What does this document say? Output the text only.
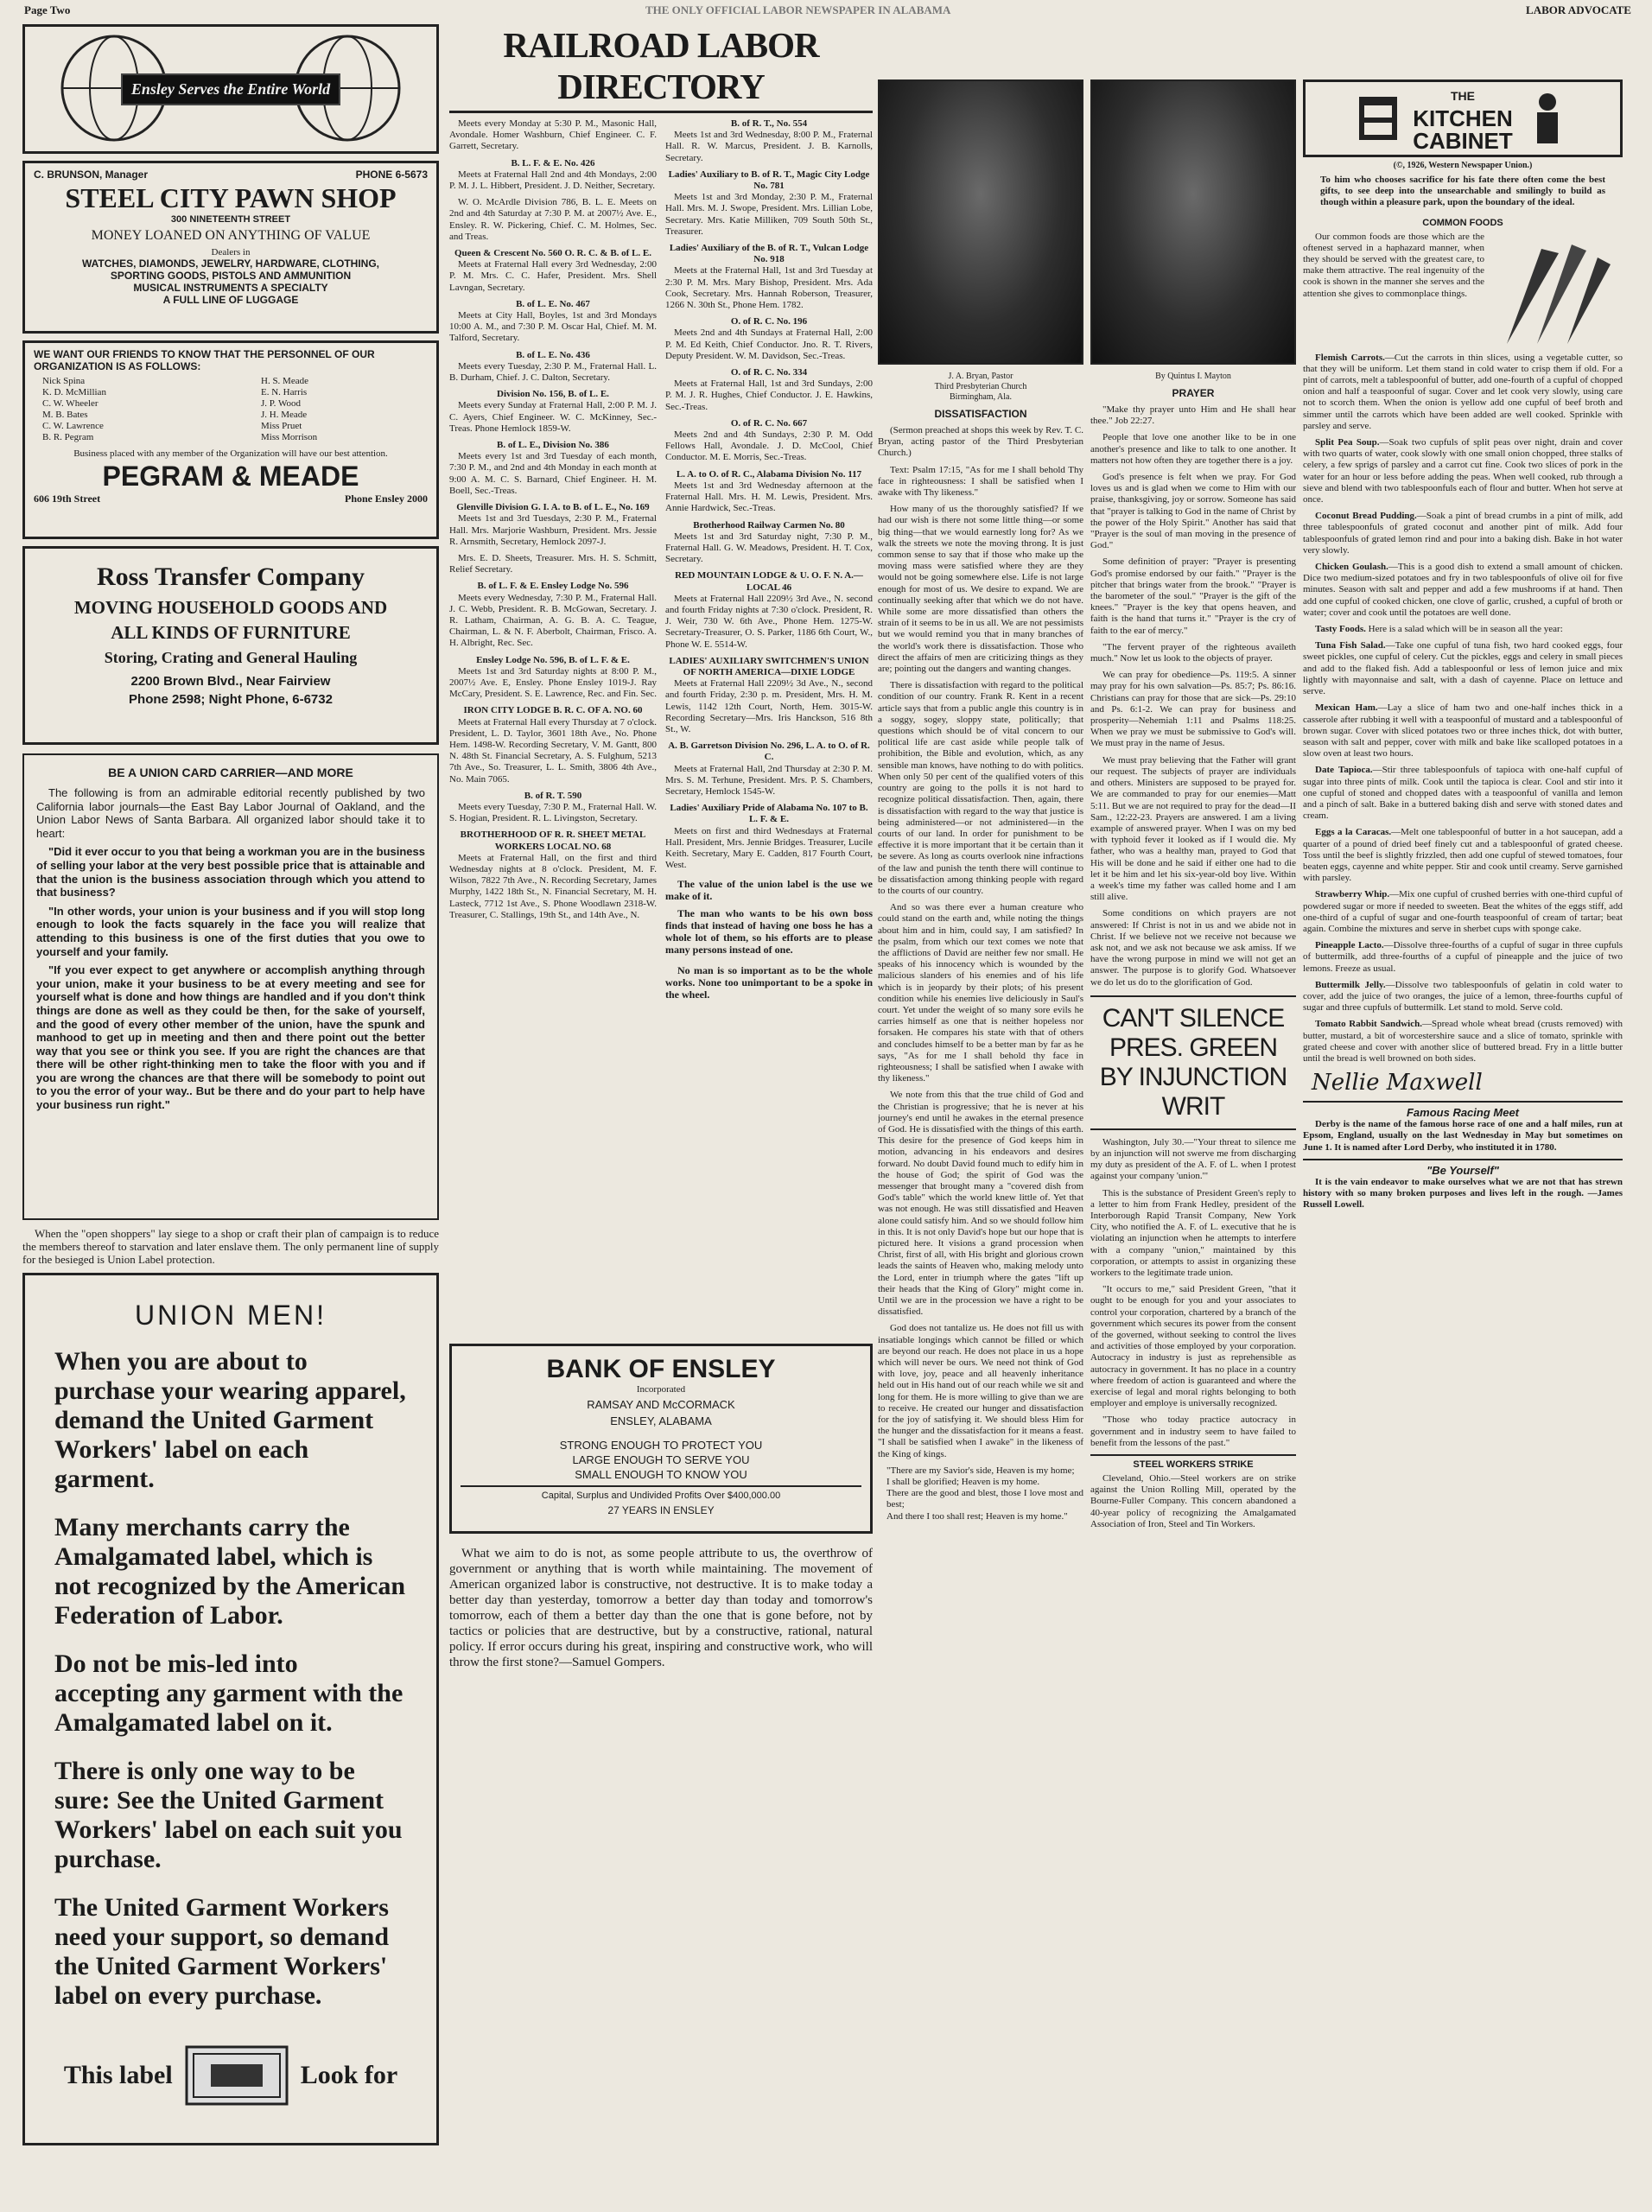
Page Two	THE ONLY OFFICIAL LABOR NEWSPAPER IN ALABAMA	LABOR ADVOCATE
Ensley Serves the Entire World
C. BRUNSON, Manager	PHONE 6-5673
STEEL CITY PAWN SHOP
300 NINETEENTH STREET
MONEY LOANED ON ANYTHING OF VALUE
Dealers in
WATCHES, DIAMONDS, JEWELRY, HARDWARE, CLOTHING,
SPORTING GOODS, PISTOLS AND AMMUNITION
MUSICAL INSTRUMENTS A SPECIALTY
A FULL LINE OF LUGGAGE
WE WANT OUR FRIENDS TO KNOW THAT THE PERSONNEL OF OUR ORGANIZATION IS AS FOLLOWS:
Nick Spina
K. D. McMillian
C. W. Wheeler
M. B. Bates
C. W. Lawrence
B. R. Pegram
H. S. Meade
E. N. Harris
J. P. Wood
J. H. Meade
Miss Pruet
Miss Morrison
Business placed with any member of the Organization will have our best attention.
PEGRAM & MEADE
606 19th Street	Phone Ensley 2000
Ross Transfer Company
MOVING HOUSEHOLD GOODS AND
ALL KINDS OF FURNITURE
Storing, Crating and General Hauling
2200 Brown Blvd., Near Fairview
Phone 2598; Night Phone, 6-6732
BE A UNION CARD CARRIER—AND MORE

The following is from an admirable editorial recently published by two California labor journals—the East Bay Labor Journal of Oakland, and the Union Labor News of Santa Barbara. All organized labor should take it to heart:

"Did it ever occur to you that being a workman you are in the business of selling your labor at the very best possible price that is attainable and that the union is the business association through which you attend to that business?

"In other words, your union is your business and if you will stop long enough to look the facts squarely in the face you will realize that attending to this business is one of the first duties that you owe to yourself and your family.

"If you ever expect to get anywhere or accomplish anything through your union, make it your business to be at every meeting and see for yourself what is done and how things are handled and if you don't think things are done as well as they could be then, for the sake of yourself, and the good of every other member of the union, have the spunk and manhood to get up in meeting and then and there point out the better way that you see or think you see. If you are right the chances are that there will be other right-thinking men to take the floor with you and if you are wrong the chances are that there will be somebody to point out to you the error of your way.. But be there and do your part to help have your business run right."

When the "open shoppers" lay siege to a shop or craft their plan of campaign is to reduce the members thereof to starvation and later enslave them. The only permanent line of supply for the besieged is Union Label protection.

UNION MEN!

When you are about to purchase your wearing apparel, demand the United Garment Workers' label on each garment.

Many merchants carry the Amalgamated label, which is not recognized by the American Federation of Labor.

Do not be mis-led into accepting any garment with the Amalgamated label on it.

There is only one way to be sure: See the United Garment Workers' label on each suit you purchase.

The United Garment Workers need your support, so demand the United Garment Workers' label on every purchase.

This label	Look for
RAILROAD LABOR DIRECTORY
Meets every Monday at 5:30 P. M., Masonic Hall, Avondale. Homer Washburn, Chief Engineer. C. F. Garrett, Secretary.
B. L. F. & E. No. 426
Meets at Fraternal Hall 2nd and 4th Mondays, 2:00 P. M. J. L. Hibbert, President. J. D. Neither, Secretary.
W. O. McArdle Division 786, B. L. E. Meets on 2nd and 4th Saturday at 7:30 P. M. at 2007½ Ave. E., Ensley. R. W. Pickering, Chief. C. M. Holmes, Sec. and Treas.
Queen & Crescent No. 560 O. R. C. & B. of L. E.
Meets at Fraternal Hall every 3rd Wednesday, 2:00 P. M. Mrs. C. C. Hafer, President. Mrs. Shell Lavngan, Secretary.
B. of L. E. No. 467
Meets at City Hall, Boyles, 1st and 3rd Mondays 10:00 A. M., and 7:30 P. M. Oscar Hal, Chief. M. M. Talford, Secretary.
B. of L. E. No. 436
Meets every Tuesday, 2:30 P. M., Fraternal Hall. L. B. Durham, Chief. J. C. Dalton, Secretary.
Division No. 156, B. of L. E.
Meets every Sunday at Fraternal Hall, 2:00 P. M. J. C. Ayers, Chief Engineer. W. C. McKinney, Sec.-Treas. Phone Hemlock 1859-W.
B. of L. E., Division No. 386
Meets every 1st and 3rd Tuesday of each month, 7:30 P. M., and 2nd and 4th Monday in each month at 9:00 A. M. C. S. Barnard, Chief Engineer. H. M. Boell, Sec.-Treas.
Glenville Division G. I. A. to B. of L. E., No. 169
Meets 1st and 3rd Tuesdays, 2:30 P. M., Fraternal Hall. Mrs. Marjorie Washburn, President. Mrs. Jessie R. Arnsmith, Secretary, Hemlock 2097-J.
Mrs. E. D. Sheets, Treasurer. Mrs. H. S. Schmitt, Relief Secretary.
B. of L. F. & E. Ensley Lodge No. 596
Meets every Wednesday, 7:30 P. M., Fraternal Hall. J. C. Webb, President. R. B. McGowan, Secretary. J. R. Latham, Chairman, A. G. B. A. C. Teague, Chairman, L. & N. F. Aberbolt, Chairman, Frisco. A. H. Albright, Rec. Sec.
Ensley Lodge No. 596, B. of L. F. & E.
Meets 1st and 3rd Saturday nights at 8:00 P. M., 2007½ Ave. E, Ensley. Phone Ensley 1019-J. Ray McCary, President. S. E. Lawrence, Rec. and Fin. Sec.
IRON CITY LODGE B. R. C. OF A. NO. 60
Meets at Fraternal Hall every Thursday at 7 o'clock. President, L. D. Taylor, 3601 18th Ave., No. Phone Hem. 1498-W. Recording Secretary, V. M. Gantt, 800 N. 48th St. Financial Secretary, A. S. Fulghum, 5213 7th Ave., So. Treasurer, L. L. Smith, 3806 4th Ave., No. Main 7065.
B. of R. T. 590
Meets every Tuesday, 7:30 P. M., Fraternal Hall. W. S. Hogian, President. R. L. Livingston, Secretary.
BROTHERHOOD OF R. R. SHEET METAL WORKERS LOCAL NO. 68
Meets at Fraternal Hall, on the first and third Wednesday nights at 8 o'clock. President, M. F. Wilson, 7822 7th Ave., N. Recording Secretary, James Murphy, 1422 18th St., N. Financial Secretary, M. H. Lasteck, 7712 1st Ave., S. Phone Woodlawn 2318-W. Treasurer, C. Stallings, 19th St., and 14th Ave., N.
B. of R. T., No. 554
Meets 1st and 3rd Wednesday, 8:00 P. M., Fraternal Hall. R. W. Marcus, President. J. B. Karnolls, Secretary.
Ladies' Auxiliary to B. of R. T., Magic City Lodge No. 781
Meets 1st and 3rd Monday, 2:30 P. M., Fraternal Hall. Mrs. M. J. Swope, President. Mrs. Lillian Lobe, Secretary. Mrs. Katie Milliken, 709 South 50th St., Treasurer.
Ladies' Auxiliary of the B. of R. T., Vulcan Lodge No. 918
Meets at the Fraternal Hall, 1st and 3rd Tuesday at 2:30 P. M. Mrs. Mary Bishop, President. Mrs. Ada Cook, Secretary. Mrs. Hannah Roberson, Treasurer, 1266 N. 30th St., Phone Hem. 1782.
O. of R. C. No. 196
Meets 2nd and 4th Sundays at Fraternal Hall, 2:00 P. M. Ed Keith, Chief Conductor. Jno. R. T. Rivers, Deputy President. W. M. Davidson, Sec.-Treas.
O. of R. C. No. 334
Meets at Fraternal Hall, 1st and 3rd Sundays, 2:00 P. M. J. R. Hughes, Chief Conductor. J. E. Hawkins, Sec.-Treas.
O. of R. C. No. 667
Meets 2nd and 4th Sundays, 2:30 P. M. Odd Fellows Hall, Avondale. J. D. McCool, Chief Conductor. M. E. Morris, Sec.-Treas.
L. A. to O. of R. C., Alabama Division No. 117
Meets 1st and 3rd Wednesday afternoon at the Fraternal Hall. Mrs. H. M. Lewis, President. Mrs. Annie Hardwick, Sec.-Treas.
Brotherhood Railway Carmen No. 80
Meets 1st and 3rd Saturday night, 7:30 P. M., Fraternal Hall. G. W. Meadows, President. H. T. Cox, Secretary.
RED MOUNTAIN LODGE & U. O. F. N. A.—LOCAL 46
Meets at Fraternal Hall 2209½ 3rd Ave., N. second and fourth Friday nights at 7:30 o'clock. President, R. J. Weir, 730 W. 6th Ave., Phone Hem. 1275-W. Secretary-Treasurer, O. S. Parker, 1186 6th Court, W., Phone W. E. 5514-W.
LADIES' AUXILIARY SWITCHMEN'S UNION OF NORTH AMERICA—DIXIE LODGE
Meets at Fraternal Hall 2209½ 3d Ave., N., second and fourth Friday, 2:30 p. m. President, Mrs. H. M. Lewis, 1142 12th Court, North, Hem. 3015-W. Recording Secretary—Mrs. Iris Hanckson, 516 8th St., W.
A. B. Garretson Division No. 296, L. A. to O. of R. C.
Meets at Fraternal Hall, 2nd Thursday at 2:30 P. M. Mrs. S. M. Terhune, President. Mrs. P. S. Chambers, Secretary, Hemlock 1545-W.
Ladies' Auxiliary Pride of Alabama No. 107 to B. L. F. & E.
Meets on first and third Wednesdays at Fraternal Hall. President, Mrs. Jennie Bridges. Treasurer, Lucile Keith. Secretary, Mary E. Cadden, 817 Fourth Court, West.

The value of the union label is the use we make of it.

The man who wants to be his own boss finds that instead of having one boss he has a whole lot of them, so his efforts are to please many persons instead of one.

No man is so important as to be the whole works. None too unimportant to be a spoke in the wheel.

BANK OF ENSLEY
Incorporated
RAMSAY AND McCORMACK
ENSLEY, ALABAMA
STRONG ENOUGH TO PROTECT YOU
LARGE ENOUGH TO SERVE YOU
SMALL ENOUGH TO KNOW YOU
Capital, Surplus and Undivided Profits Over $400,000.00
27 YEARS IN ENSLEY

What we aim to do is not, as some people attribute to us, the overthrow of government or anything that is worth while maintaining. The movement of American organized labor is constructive, not destructive. It is to make today a better day than yesterday, tomorrow a better day than today and tomorrow's tomorrow, each of them a better day than the one that is gone before, not by tactics or policies that are destructive, but by a constructive, rational, natural policy. If error occurs during his great, inspiring and constructive work, who will throw the first stone?—Samuel Gompers.

J. A. Bryan, Pastor
Third Presbyterian Church
Birmingham, Ala.
DISSATISFACTION

(Sermon preached at shops this week by Rev. T. C. Bryan, acting pastor of the Third Presbyterian Church.)

Text: Psalm 17:15, "As for me I shall behold Thy face in righteousness: I shall be satisfied when I awake with Thy likeness."

How many of us the thoroughly satisfied? If we had our wish is there not some little thing—or some big thing—that we would earnestly long for? As we walk the streets we note the moving throng. It is just common sense to say that if those who make up the moving mass were satisfied where they are they would not be going somewhere else. Life is not large enough for most of us. We desire to expand. We are continually seeking after that which we do not have. While some are more dissatisfied than others the strain of it seems to be in us all. We are not pessimists but we would remind you that in many branches of the world's work there is dissatisfaction. Those who direct the affairs of men are criticizing things as they are; pointing out the dangers and wanting changes.

There is dissatisfaction with regard to the political condition of our country. Frank R. Kent in a recent article says that from a public angle this country is in a soggy, sogey, sloppy state, politically; that questions which should be of vital concern to our political life are cast aside while people talk of prohibition, the Bible and evolution, which, as any sensible man knows, have nothing to do with politics. When only 50 per cent of the qualified voters of this country are going to the polls it is not hard to recognize political dissatisfaction. Then, again, there is dissatisfaction with regard to the way that justice is being administered—or not administered—in the courts of our land. In order for punishment to be effective it is more important that it be certain than it be severe. As long as courts overlook nine infractions of the law and punish the tenth there will continue to be dissatisfaction among thinking people with regard to the courts of our country.

And so was there ever a human creature who could stand on the earth and, while noting the things about him and in him, could say, I am satisfied? In the psalm, from which our text comes we note that the afflictions of David are neither few nor small. He speaks of his innocency which is wounded by the malicious slanders of his enemies and of his life which is in jeopardy by their plots; of his present condition while his enemies live deliciously in Saul's court. Yet under the weight of so many sore evils he carries himself as one that is neither hopeless nor forsaken. He compares his state with that of others and concludes himself to be a better man by far as he says, "As for me I shall behold thy face in righteousness; I shall be satisfied when I awake with thy likeness."

We note from this that the true child of God and the Christian is progressive; that he is never at his journey's end until he awakes in the eternal presence of God. He is dissatisfied with the things of this earth. This desire for the presence of God keeps him in motion, advancing in his endeavors and desires forward. No doubt David found much to edify him in the house of God; the spirit of God was the messenger that brought many a "covered dish from God's table" which the world knew little of. Yet that was not enough. He was still dissatisfied and Heaven alone could satisfy him. And so we should follow him in this. It is not only David's hope but our hope that is pictured here. It visions a grand procession when Christ, first of all, with His bright and glorious crown leads the saints of Heaven who, making melody unto the Lord, enter in triumph where the gates "lift up their heads that the King of Glory" might come in. Until we are in the procession we have a right to be dissatisfied.

God does not tantalize us. He does not fill us with insatiable longings which cannot be filled or which are beyond our reach. He does not place in us a hope which will never be ours. We need not think of God with love, joy, peace and all heavenly inheritance held out in His hand out of our reach while we sit and long for them. He is more willing to give than we are to receive. He created our hunger and dissatisfaction for the joy of satisfying it. We should bless Him for the hunger and the dissatisfaction for it means a feast. "I shall be satisfied when I awake" in the likeness of the King of kings.

"There are my Savior's side, Heaven is my home;
I shall be glorified; Heaven is my home.
There are the good and blest, those I love most and best;
And there I too shall rest; Heaven is my home."
By Quintus I. Mayton
PRAYER

"Make thy prayer unto Him and He shall hear thee." Job 22:27.

People that love one another like to be in one another's presence and like to talk to one another. It matters not how often they are together there is a joy.

God's presence is felt when we pray. For God loves us and is glad when we come to Him with our praise, thanksgiving, joy or sorrow. Someone has said that "prayer is talking to God in the name of Christ by the power of the Holy Spirit." Another has said that "Prayer is the soul of man moving in the presence of God."

Some definition of prayer: "Prayer is presenting God's promise endorsed by our faith." "Prayer is the pitcher that brings water from the brook." "Prayer is the barometer of the soul." "Prayer is the gift of the knees." "Prayer is the key that opens heaven, and faith is the hand that turns it." "Prayer is the cry of faith to the ear of mercy."

"The fervent prayer of the righteous availeth much." Now let us look to the objects of prayer.

We can pray for obedience—Ps. 119:5. A sinner may pray for his own salvation—Ps. 85:7; Ps. 86:16. Christians can pray for those that are sick—Ps. 29:10 and Ps. 6:1-2. We can pray for business and prosperity—Nehemiah 1:11 and Psalms 118:25. When we pray we must be submissive to God's will. We must pray in the name of Jesus.

We must pray believing that the Father will grant our request. The subjects of prayer are individuals and others. Ministers are supposed to be prayed for. We are commanded to pray for our enemies—Matt 5:11. But we are not required to pray for the dead—II Sam., 12:22-23. Prayers are answered. I am a living example of answered prayer. When I was on my bed with typhoid fever it looked as if I would die. My father, who was a healthy man, prayed to God that His will be done and he said if either one had to die let it be him and let his six-year-old boy live. Within a week's time my father was called home and I am still alive.

Some conditions on which prayers are not answered: If Christ is not in us and we abide not in Christ. If we believe not we receive not because we ask not, and we ask not because we ask amiss. If we have the wrong purpose in mind we will not get an answer. The purpose is to glorify God. Whatsoever we do let us do to the glorification of God.

CAN'T SILENCE PRES. GREEN BY INJUNCTION WRIT

Washington, July 30.—"Your threat to silence me by an injunction will not swerve me from discharging my duty as president of the A. F. of L. when I protest against your company 'union.'"

This is the substance of President Green's reply to a letter to him from Frank Hedley, president of the Interborough Rapid Transit Company, New York City, who notified the A. F. of L. executive that he is violating an injunction when he attempts to interfere with a company "union," maintained by this corporation, or attempts to assist in organizing these workers to the legitimate trade union.

"It occurs to me," said President Green, "that it ought to be enough for you and your associates to control your corporation, chartered by a branch of the government which secures its power from the consent of the governed, without seeking to control the lives and activities of those employed by your corporation. Autocracy in industry is just as reprehensible as autocracy in government. It has no place in a country where freedom of action is guaranteed and where the exercise of legal and moral rights belonging to both employer and employe is universally recognized.

"Those who today practice autocracy in government and in industry seem to have failed to benefit from the lessons of the past."

STEEL WORKERS STRIKE

Cleveland, Ohio.—Steel workers are on strike against the Union Rolling Mill, operated by the Bourne-Fuller Company. This concern abandoned a 40-year policy of recognizing the Amalgamated Association of Iron, Steel and Tin Workers.

THE
KITCHEN
CABINET
(©, 1926, Western Newspaper Union.)

To him who chooses sacrifice for his fate there often come the best gifts, to see deep into the unsearchable and smilingly to build as though within a pleasure park, upon the boundary of the ideal.

COMMON FOODS

Our common foods are those which are the oftenest served in a haphazard manner, when they should be served with the greatest care, to make them attractive. The real ingenuity of the cook is shown in the manner she serves and the attention she gives to commonplace things.

Flemish Carrots.—Cut the carrots in thin slices, using a vegetable cutter, so that they will be uniform. Let them stand in cold water to crisp them if old. For a pint of carrots, melt a tablespoonful of butter, add one-fourth of a cupful of chopped onion and half a teaspoonful of sugar. Cover and let cook very slowly, using care not to scorch them. When the onion is yellow add one cupful of beef broth and simmer until the carrots which have been added are well cooked. Sprinkle with parsley and serve.

Split Pea Soup.—Soak two cupfuls of split peas over night, drain and cover with two quarts of water, cook slowly with one small onion chopped, three stalks of celery, a few sprigs of parsley and a carrot cut fine. Cook two slices of pork in the water for an hour or less before adding the peas. When well cooked, rub through a sieve and blend with two tablespoonfuls each of flour and butter. When hot serve at once.

Coconut Bread Pudding.—Soak a pint of bread crumbs in a pint of milk, add three tablespoonfuls of grated coconut and another pint of milk. Add four tablespoonfuls of grated lemon rind and pour into a baking dish. Bake in hot water very slowly.

Chicken Goulash.—This is a good dish to extend a small amount of chicken. Dice two medium-sized potatoes and fry in two tablespoonfuls of olive oil for five minutes. Season with salt and pepper and add a few mushrooms if at hand. Then add one cupful of cooked chicken, one clove of garlic, crushed, a cupful of broth or water; cover and cook until the potatoes are well done.

Tasty Foods. Here is a salad which will be in season all the year:

Tuna Fish Salad.—Take one cupful of tuna fish, two hard cooked eggs, four sweet pickles, one cupful of celery. Cut the pickles, eggs and celery in small pieces and add to the flaked fish. Add a tablespoonful or less of lemon juice and mix lightly with mayonnaise and salt, with a dash of cayenne. Place on lettuce and serve.

Mexican Ham.—Lay a slice of ham two and one-half inches thick in a casserole after rubbing it well with a teaspoonful of mustard and a tablespoonful of brown sugar. Cover with sliced potatoes two or three inches thick, dot with butter, season with salt and pepper, cover with milk and bake like scalloped potatoes in a slow oven at least two hours.

Date Tapioca.—Stir three tablespoonfuls of tapioca with one-half cupful of sugar into three pints of milk. Cook until the tapioca is clear. Cool and stir into it one cupful of stoned and chopped dates with a teaspoonful of vanilla and lemon and a pinch of salt. Bake in a buttered baking dish and serve with stoned dates and cream.

Eggs a la Caracas.—Melt one tablespoonful of butter in a hot saucepan, add a quarter of a pound of dried beef finely cut and a tablespoonful of grated cheese. Toss until the beef is slightly frizzled, then add one cupful of stewed tomatoes, four beaten eggs, cayenne and white pepper. Stir and cook until creamy. Serve garnished with parsley.

Strawberry Whip.—Mix one cupful of crushed berries with one-third cupful of powdered sugar or more if needed to sweeten. Beat the whites of the eggs stiff, add one-third of a cupful of sugar and one-fourth teaspoonful of cream of tartar; beat again. Combine the mixtures and serve in sherbet cups with sponge cake.

Pineapple Lacto.—Dissolve three-fourths of a cupful of sugar in three cupfuls of buttermilk, add three-fourths of a cupful of pineapple and the juice of two lemons. Freeze as usual.

Buttermilk Jelly.—Dissolve two tablespoonfuls of gelatin in cold water to cover, add the juice of two oranges, the juice of a lemon, three-fourths cupful of sugar and three cupfuls of buttermilk. Let stand to mold. Serve cold.

Tomato Rabbit Sandwich.—Spread whole wheat bread (crusts removed) with butter, mustard, a bit of worcestershire sauce and a slice of tomato, sprinkle with grated cheese and cover with another slice of buttered bread. Fry in a little butter until the bread is well browned on both sides.

Nellie Maxwell
Famous Racing Meet

Derby is the name of the famous horse race of one and a half miles, run at Epsom, England, usually on the last Wednesday in May but sometimes on June 1. It is named after Lord Derby, who instituted it in 1780.

"Be Yourself"

It is the vain endeavor to make ourselves what we are not that has strewn history with so many broken purposes and lives left in the rough. —James Russell Lowell.
